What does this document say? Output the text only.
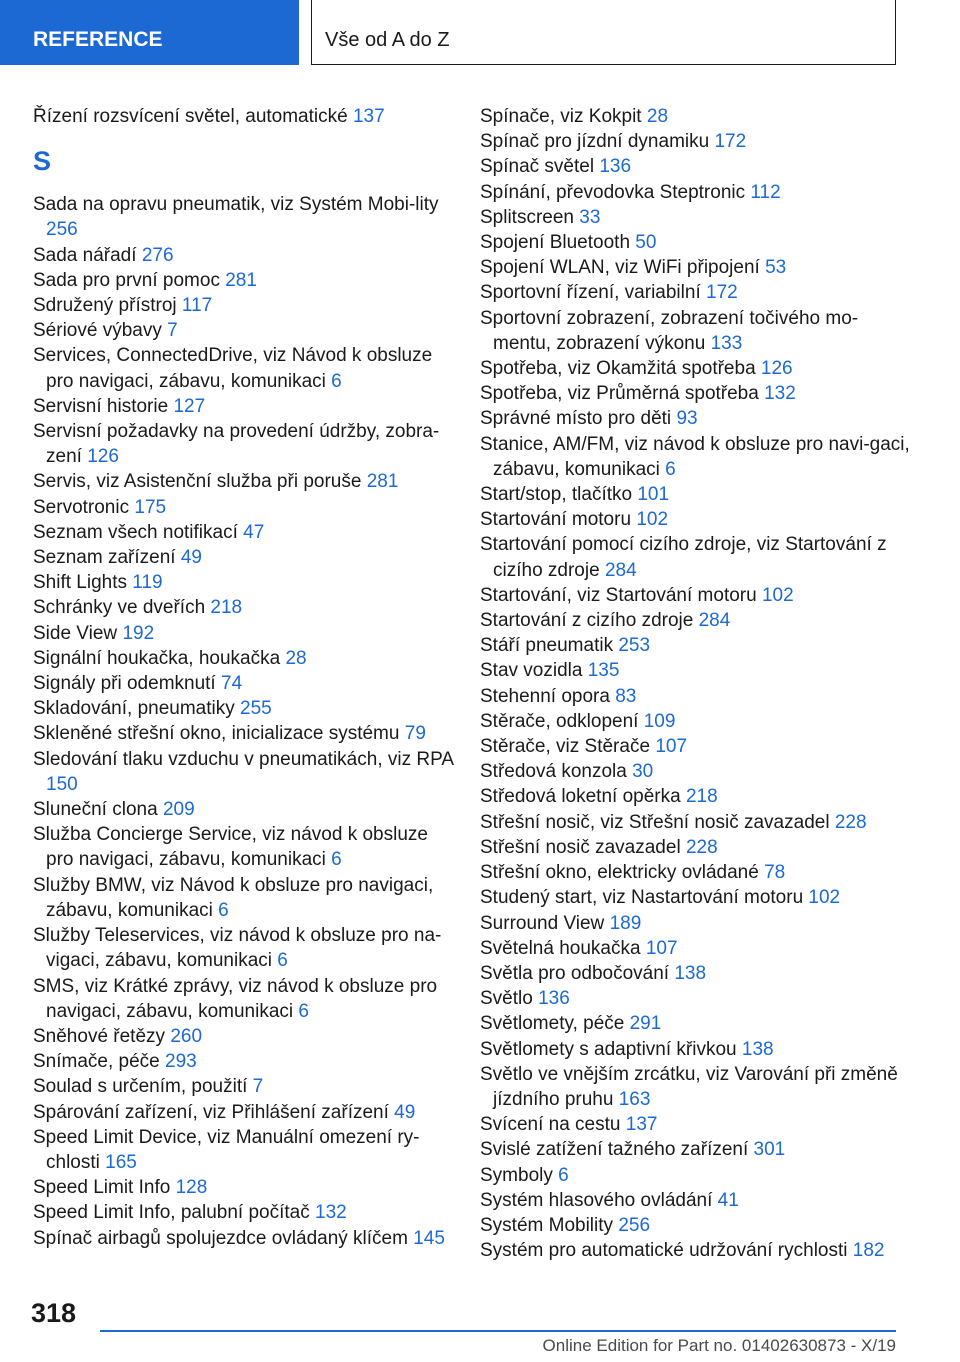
REFERENCE	Vše od A do Z
Řízení rozsvícení světel, automatické 137
S
Sada na opravu pneumatik, viz Systém Mobi‐lity 256
Sada nářadí 276
Sada pro první pomoc 281
Sdružený přístroj 117
Sériové výbavy 7
Services, ConnectedDrive, viz Návod k obsluze pro navigaci, zábavu, komunikaci 6
Servisní historie 127
Servisní požadavky na provedení údržby, zobra‐zení 126
Servis, viz Asistenční služba při poruše 281
Servotronic 175
Seznam všech notifikací 47
Seznam zařízení 49
Shift Lights 119
Schránky ve dveřích 218
Side View 192
Signální houkačka, houkačka 28
Signály při odemknutí 74
Skladování, pneumatiky 255
Skleněné střešní okno, inicializace systému 79
Sledování tlaku vzduchu v pneumatikách, viz RPA 150
Sluneční clona 209
Služba Concierge Service, viz návod k obsluze pro navigaci, zábavu, komunikaci 6
Služby BMW, viz Návod k obsluze pro navigaci, zábavu, komunikaci 6
Služby Teleservices, viz návod k obsluze pro na‐vigaci, zábavu, komunikaci 6
SMS, viz Krátké zprávy, viz návod k obsluze pro navigaci, zábavu, komunikaci 6
Sněhové řetězy 260
Snímače, péče 293
Soulad s určením, použití 7
Spárování zařízení, viz Přihlášení zařízení 49
Speed Limit Device, viz Manuální omezení ry‐chlosti 165
Speed Limit Info 128
Speed Limit Info, palubní počítač 132
Spínač airbagů spolujezdce ovládaný klíčem 145
Spínače, viz Kokpit 28
Spínač pro jízdní dynamiku 172
Spínač světel 136
Spínání, převodovka Steptronic 112
Splitscreen 33
Spojení Bluetooth 50
Spojení WLAN, viz WiFi připojení 53
Sportovní řízení, variabilní 172
Sportovní zobrazení, zobrazení točivého mo‐mentu, zobrazení výkonu 133
Spotřeba, viz Okamžitá spotřeba 126
Spotřeba, viz Průměrná spotřeba 132
Správné místo pro děti 93
Stanice, AM/FM, viz návod k obsluze pro navi‐gaci, zábavu, komunikaci 6
Start/stop, tlačítko 101
Startování motoru 102
Startování pomocí cizího zdroje, viz Startování z cizího zdroje 284
Startování, viz Startování motoru 102
Startování z cizího zdroje 284
Stáří pneumatik 253
Stav vozidla 135
Stehenní opora 83
Stěrače, odklopení 109
Stěrače, viz Stěrače 107
Středová konzola 30
Středová loketní opěrka 218
Střešní nosič, viz Střešní nosič zavazadel 228
Střešní nosič zavazadel 228
Střešní okno, elektricky ovládané 78
Studený start, viz Nastartování motoru 102
Surround View 189
Světelná houkačka 107
Světla pro odbočování 138
Světlo 136
Světlomety, péče 291
Světlomety s adaptivní křivkou 138
Světlo ve vnějším zrcátku, viz Varování při změně jízdního pruhu 163
Svícení na cestu 137
Svislé zatížení tažného zařízení 301
Symboly 6
Systém hlasového ovládání 41
Systém Mobility 256
Systém pro automatické udržování rychlosti 182
318
Online Edition for Part no. 01402630873 - X/19
